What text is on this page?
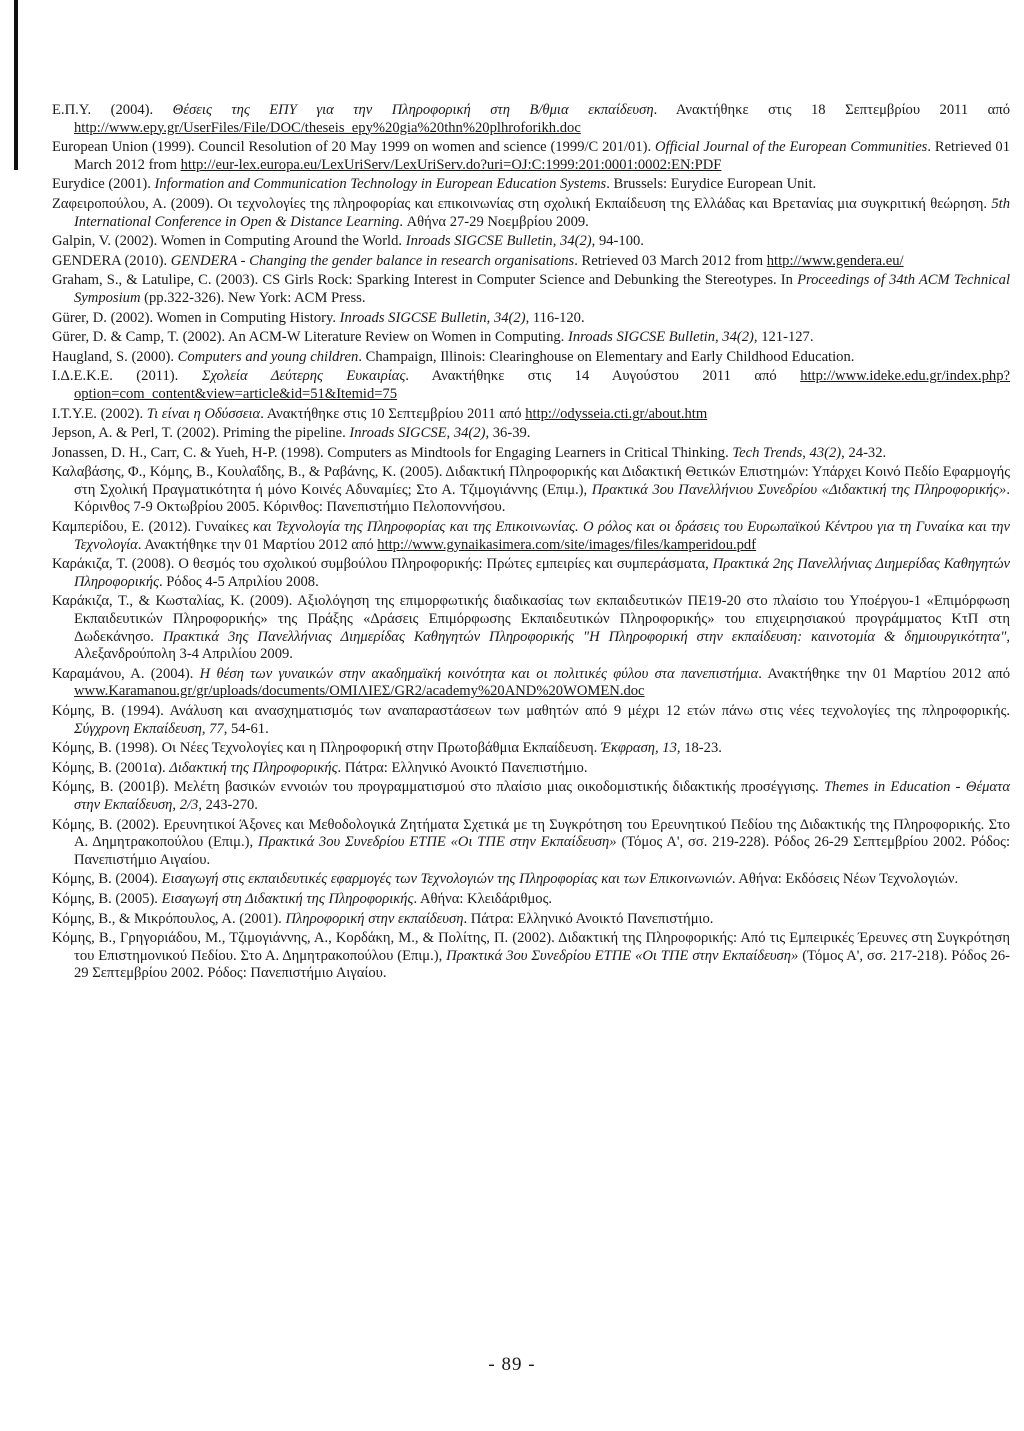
Ε.Π.Υ. (2004). Θέσεις της ΕΠΥ για την Πληροφορική στη Β/θμια εκπαίδευση. Ανακτήθηκε στις 18 Σεπτεμβρίου 2011 από http://www.epy.gr/UserFiles/File/DOC/theseis_epy%20gia%20thn%20plhroforikh.doc

European Union (1999). Council Resolution of 20 May 1999 on women and science (1999/C 201/01). Official Journal of the European Communities. Retrieved 01 March 2012 from http://eur-lex.europa.eu/LexUriServ/LexUriServ.do?uri=OJ:C:1999:201:0001:0002:EN:PDF

Eurydice (2001). Information and Communication Technology in European Education Systems. Brussels: Eurydice European Unit.

Ζαφειροπούλου, Α. (2009). Οι τεχνολογίες της πληροφορίας και επικοινωνίας στη σχολική Εκπαίδευση της Ελλάδας και Βρετανίας μια συγκριτική θεώρηση. 5th International Conference in Open & Distance Learning. Αθήνα 27-29 Νοεμβρίου 2009.

Galpin, V. (2002). Women in Computing Around the World. Inroads SIGCSE Bulletin, 34(2), 94-100.

GENDERA (2010). GENDERA - Changing the gender balance in research organisations. Retrieved 03 March 2012 from http://www.gendera.eu/

Graham, S., & Latulipe, C. (2003). CS Girls Rock: Sparking Interest in Computer Science and Debunking the Stereotypes. In Proceedings of 34th ACM Technical Symposium (pp.322-326). New York: ACM Press.

Gürer, D. (2002). Women in Computing History. Inroads SIGCSE Bulletin, 34(2), 116-120.

Gürer, D. & Camp, T. (2002). An ACM-W Literature Review on Women in Computing. Inroads SIGCSE Bulletin, 34(2), 121-127.

Haugland, S. (2000). Computers and young children. Champaign, Illinois: Clearinghouse on Elementary and Early Childhood Education.

Ι.Δ.Ε.Κ.Ε. (2011). Σχολεία Δεύτερης Ευκαιρίας. Ανακτήθηκε στις 14 Αυγούστου 2011 από http://www.ideke.edu.gr/index.php?option=com_content&view=article&id=51&Itemid=75

Ι.Τ.Υ.Ε. (2002). Τι είναι η Οδύσσεια. Ανακτήθηκε στις 10 Σεπτεμβρίου 2011 από http://odysseia.cti.gr/about.htm

Jepson, A. & Perl, T. (2002). Priming the pipeline. Inroads SIGCSE, 34(2), 36-39.

Jonassen, D. H., Carr, C. & Yueh, H-P. (1998). Computers as Mindtools for Engaging Learners in Critical Thinking. Tech Trends, 43(2), 24-32.

Καλαβάσης, Φ., Κόμης, Β., Κουλαΐδης, Β., & Ραβάνης, Κ. (2005). Διδακτική Πληροφορικής και Διδακτική Θετικών Επιστημών: Υπάρχει Κοινό Πεδίο Εφαρμογής στη Σχολική Πραγματικότητα ή μόνο Κοινές Αδυναμίες; Στο Α. Τζιμογιάννης (Επιμ.), Πρακτικά 3ου Πανελλήνιου Συνεδρίου «Διδακτική της Πληροφορικής». Κόρινθος 7-9 Οκτωβρίου 2005. Κόρινθος: Πανεπιστήμιο Πελοποννήσου.

Καμπερίδου, Ε. (2012). Γυναίκες και Τεχνολογία της Πληροφορίας και της Επικοινωνίας. Ο ρόλος και οι δράσεις του Ευρωπαϊκού Κέντρου για τη Γυναίκα και την Τεχνολογία. Ανακτήθηκε την 01 Μαρτίου 2012 από http://www.gynaikasimera.com/site/images/files/kamperidou.pdf

Καράκιζα, Τ. (2008). Ο θεσμός του σχολικού συμβούλου Πληροφορικής: Πρώτες εμπειρίες και συμπεράσματα, Πρακτικά 2ης Πανελλήνιας Διημερίδας Καθηγητών Πληροφορικής. Ρόδος 4-5 Απριλίου 2008.

Καράκιζα, Τ., & Κωσταλίας, Κ. (2009). Αξιολόγηση της επιμορφωτικής διαδικασίας των εκπαιδευτικών ΠΕ19-20 στο πλαίσιο του Υποέργου-1 «Επιμόρφωση Εκπαιδευτικών Πληροφορικής» της Πράξης «Δράσεις Επιμόρφωσης Εκπαιδευτικών Πληροφορικής» του επιχειρησιακού προγράμματος ΚτΠ στη Δωδεκάνησο. Πρακτικά 3ης Πανελλήνιας Διημερίδας Καθηγητών Πληροφορικής "Η Πληροφορική στην εκπαίδευση: καινοτομία & δημιουργικότητα", Αλεξανδρούπολη 3-4 Απριλίου 2009.

Καραμάνου, Α. (2004). Η θέση των γυναικών στην ακαδημαϊκή κοινότητα και οι πολιτικές φύλου στα πανεπιστήμια. Ανακτήθηκε την 01 Μαρτίου 2012 από www.Karamanou.gr/gr/uploads/documents/ΟΜΙΛΙΕΣ/GR2/academy%20AND%20WOMEN.doc

Κόμης, Β. (1994). Ανάλυση και ανασχηματισμός των αναπαραστάσεων των μαθητών από 9 μέχρι 12 ετών πάνω στις νέες τεχνολογίες της πληροφορικής. Σύγχρονη Εκπαίδευση, 77, 54-61.

Κόμης, Β. (1998). Οι Νέες Τεχνολογίες και η Πληροφορική στην Πρωτοβάθμια Εκπαίδευση. Έκφραση, 13, 18-23.

Κόμης, Β. (2001α). Διδακτική της Πληροφορικής. Πάτρα: Ελληνικό Ανοικτό Πανεπιστήμιο.

Κόμης, Β. (2001β). Μελέτη βασικών εννοιών του προγραμματισμού στο πλαίσιο μιας οικοδομιστικής διδακτικής προσέγγισης. Themes in Education - Θέματα στην Εκπαίδευση, 2/3, 243-270.

Κόμης, Β. (2002). Ερευνητικοί Άξονες και Μεθοδολογικά Ζητήματα Σχετικά με τη Συγκρότηση του Ερευνητικού Πεδίου της Διδακτικής της Πληροφορικής. Στο Α. Δημητρακοπούλου (Επιμ.), Πρακτικά 3ου Συνεδρίου ΕΤΠΕ «Οι ΤΠΕ στην Εκπαίδευση» (Τόμος Α', σσ. 219-228). Ρόδος 26-29 Σεπτεμβρίου 2002. Ρόδος: Πανεπιστήμιο Αιγαίου.

Κόμης, Β. (2004). Εισαγωγή στις εκπαιδευτικές εφαρμογές των Τεχνολογιών της Πληροφορίας και των Επικοινωνιών. Αθήνα: Εκδόσεις Νέων Τεχνολογιών.

Κόμης, Β. (2005). Εισαγωγή στη Διδακτική της Πληροφορικής. Αθήνα: Κλειδάριθμος.

Κόμης, Β., & Μικρόπουλος, Α. (2001). Πληροφορική στην εκπαίδευση. Πάτρα: Ελληνικό Ανοικτό Πανεπιστήμιο.

Κόμης, Β., Γρηγοριάδου, Μ., Τζιμογιάννης, Α., Κορδάκη, Μ., & Πολίτης, Π. (2002). Διδακτική της Πληροφορικής: Από τις Εμπειρικές Έρευνες στη Συγκρότηση του Επιστημονικού Πεδίου. Στο Α. Δημητρακοπούλου (Επιμ.), Πρακτικά 3ου Συνεδρίου ΕΤΠΕ «Οι ΤΠΕ στην Εκπαίδευση» (Τόμος Α', σσ. 217-218). Ρόδος 26-29 Σεπτεμβρίου 2002. Ρόδος: Πανεπιστήμιο Αιγαίου.

- 89 -
